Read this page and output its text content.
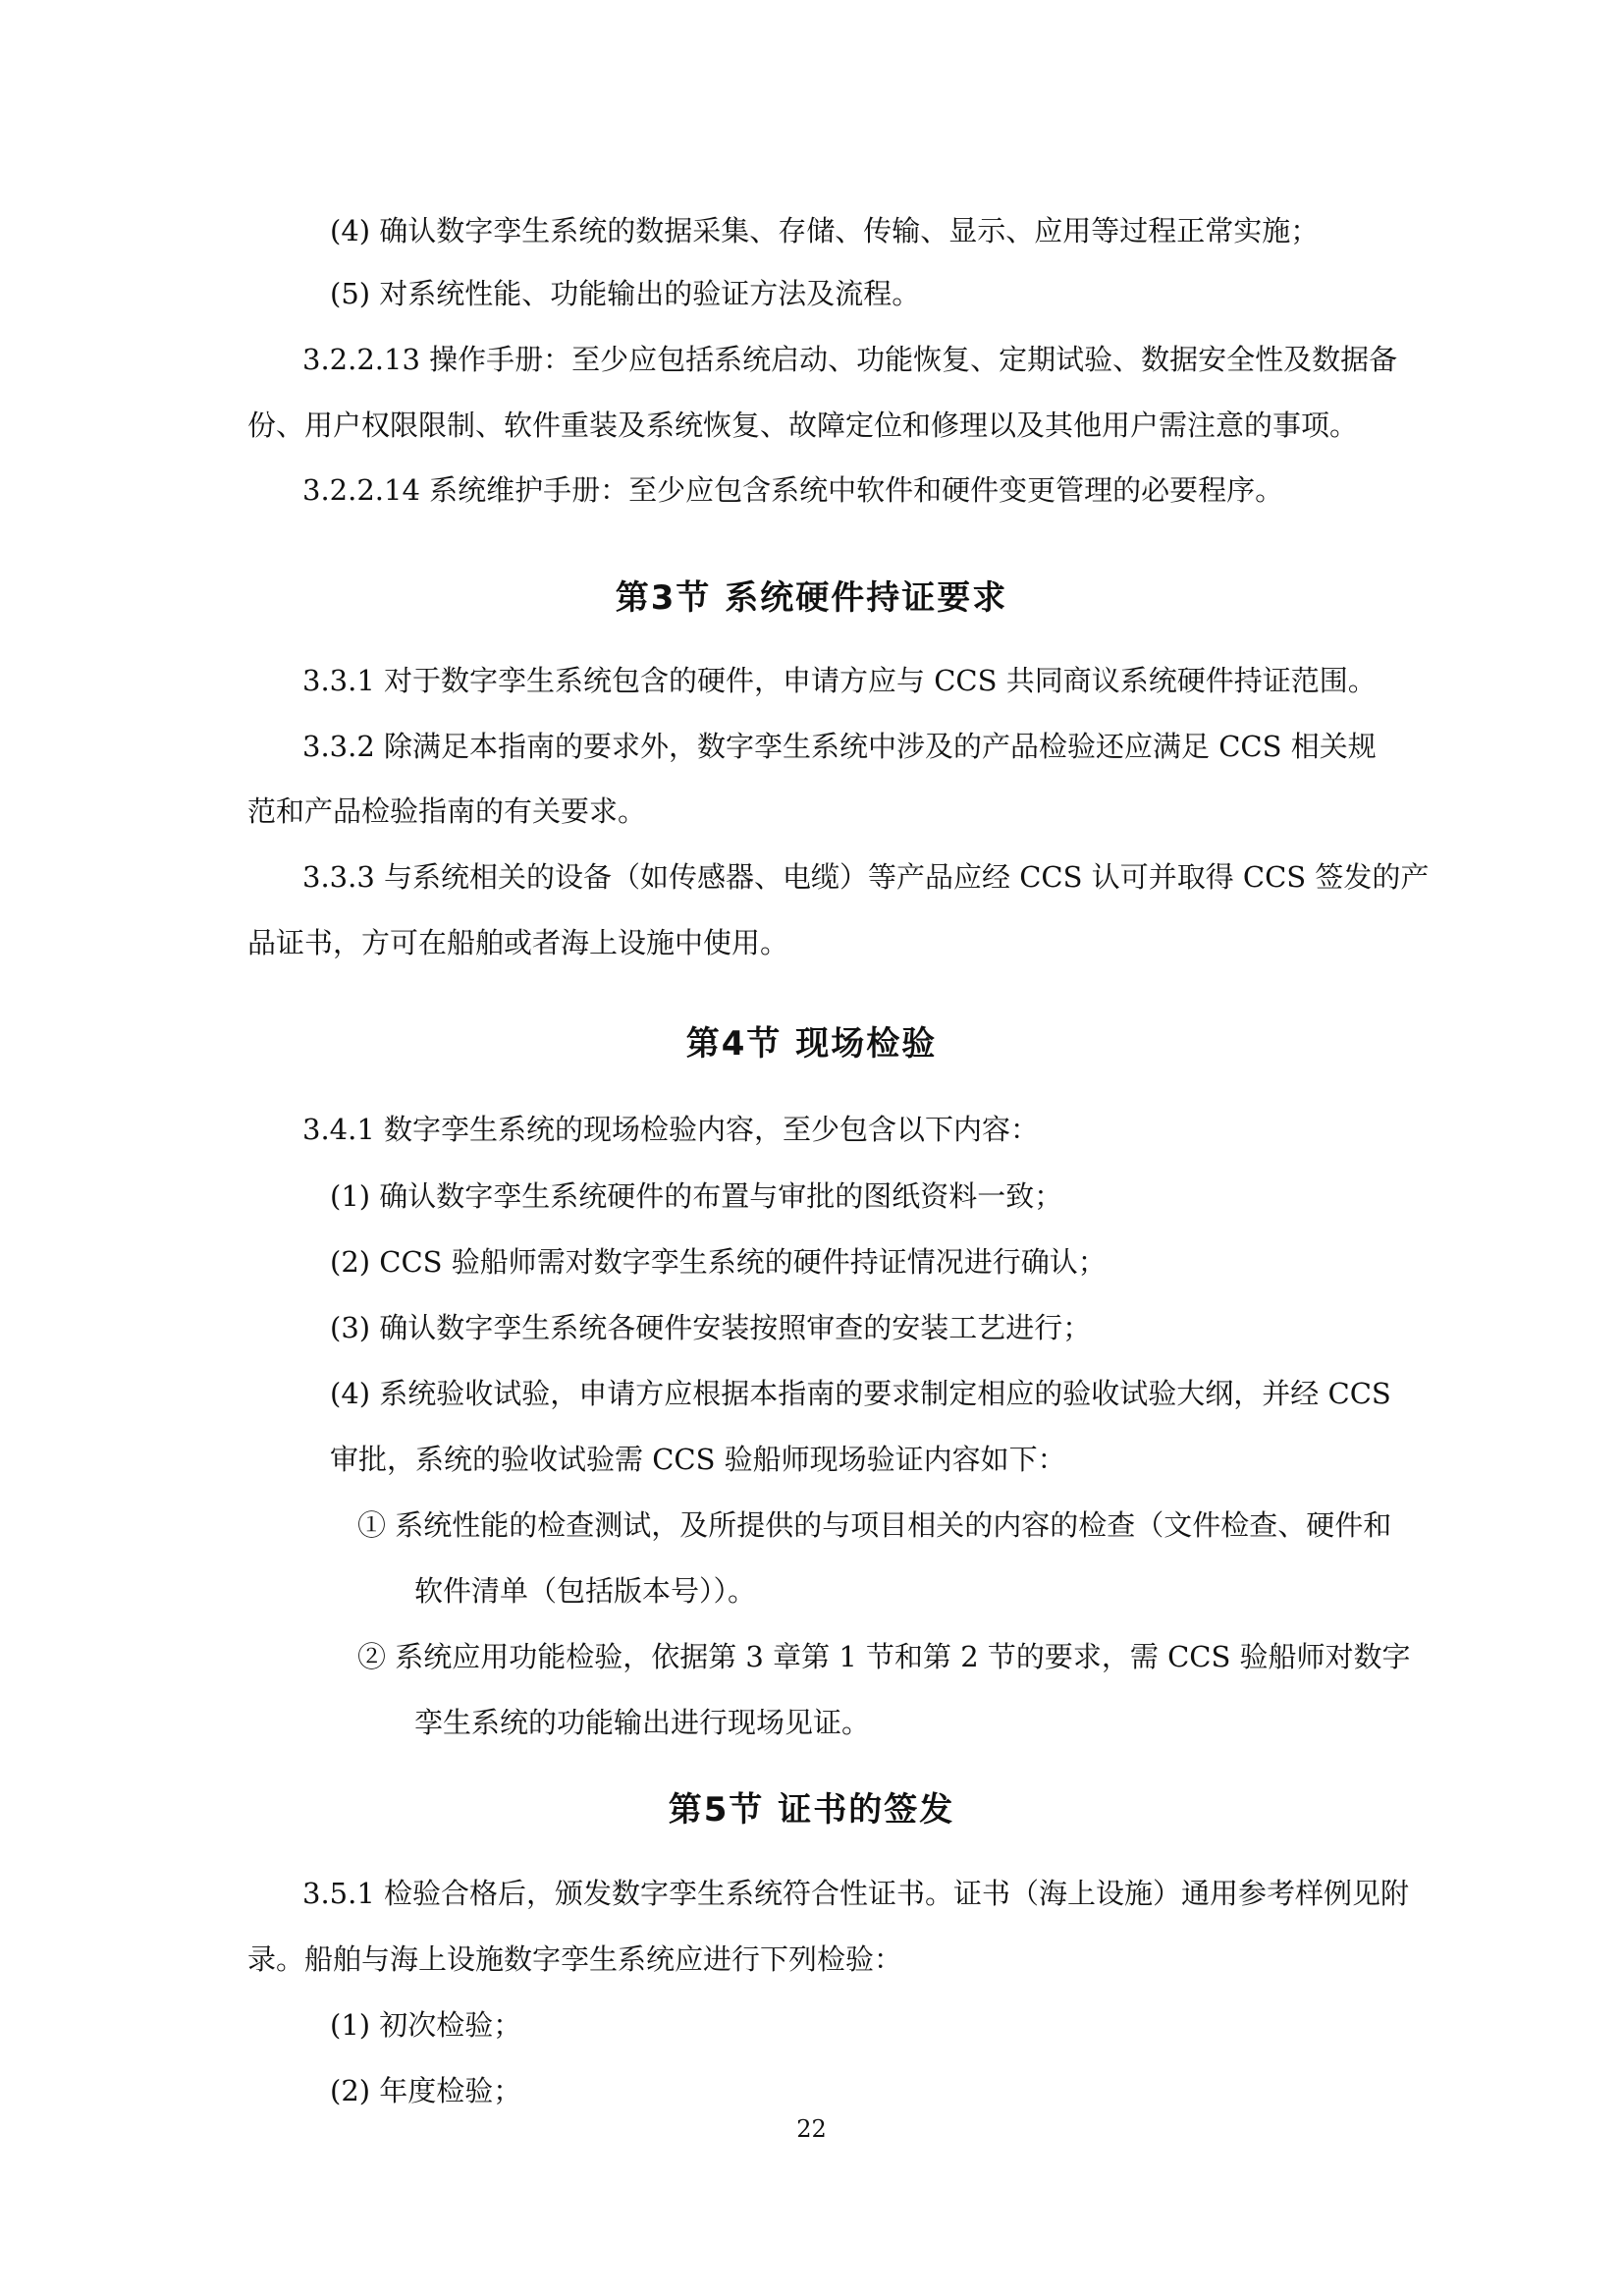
(4) 确认数字孪生系统的数据采集、存储、传输、显示、应用等过程正常实施；
(5) 对系统性能、功能输出的验证方法及流程。
3.2.2.13 操作手册：至少应包括系统启动、功能恢复、定期试验、数据安全性及数据备
份、用户权限限制、软件重装及系统恢复、故障定位和修理以及其他用户需注意的事项。
3.2.2.14 系统维护手册：至少应包含系统中软件和硬件变更管理的必要程序。
第3节 系统硬件持证要求
3.3.1 对于数字孪生系统包含的硬件，申请方应与 CCS 共同商议系统硬件持证范围。
3.3.2 除满足本指南的要求外，数字孪生系统中涉及的产品检验还应满足 CCS 相关规
范和产品检验指南的有关要求。
3.3.3 与系统相关的设备（如传感器、电缆）等产品应经 CCS 认可并取得 CCS 签发的产
品证书，方可在船舶或者海上设施中使用。
第4节 现场检验
3.4.1 数字孪生系统的现场检验内容，至少包含以下内容：
(1) 确认数字孪生系统硬件的布置与审批的图纸资料一致；
(2) CCS 验船师需对数字孪生系统的硬件持证情况进行确认；
(3) 确认数字孪生系统各硬件安装按照审查的安装工艺进行；
(4) 系统验收试验，申请方应根据本指南的要求制定相应的验收试验大纲，并经 CCS
审批，系统的验收试验需 CCS 验船师现场验证内容如下：
① 系统性能的检查测试，及所提供的与项目相关的内容的检查（文件检查、硬件和
软件清单（包括版本号））。
② 系统应用功能检验，依据第 3 章第 1 节和第 2 节的要求，需 CCS 验船师对数字
孪生系统的功能输出进行现场见证。
第5节 证书的签发
3.5.1 检验合格后，颁发数字孪生系统符合性证书。证书（海上设施）通用参考样例见附
录。船舶与海上设施数字孪生系统应进行下列检验：
(1) 初次检验；
(2) 年度检验；
22
